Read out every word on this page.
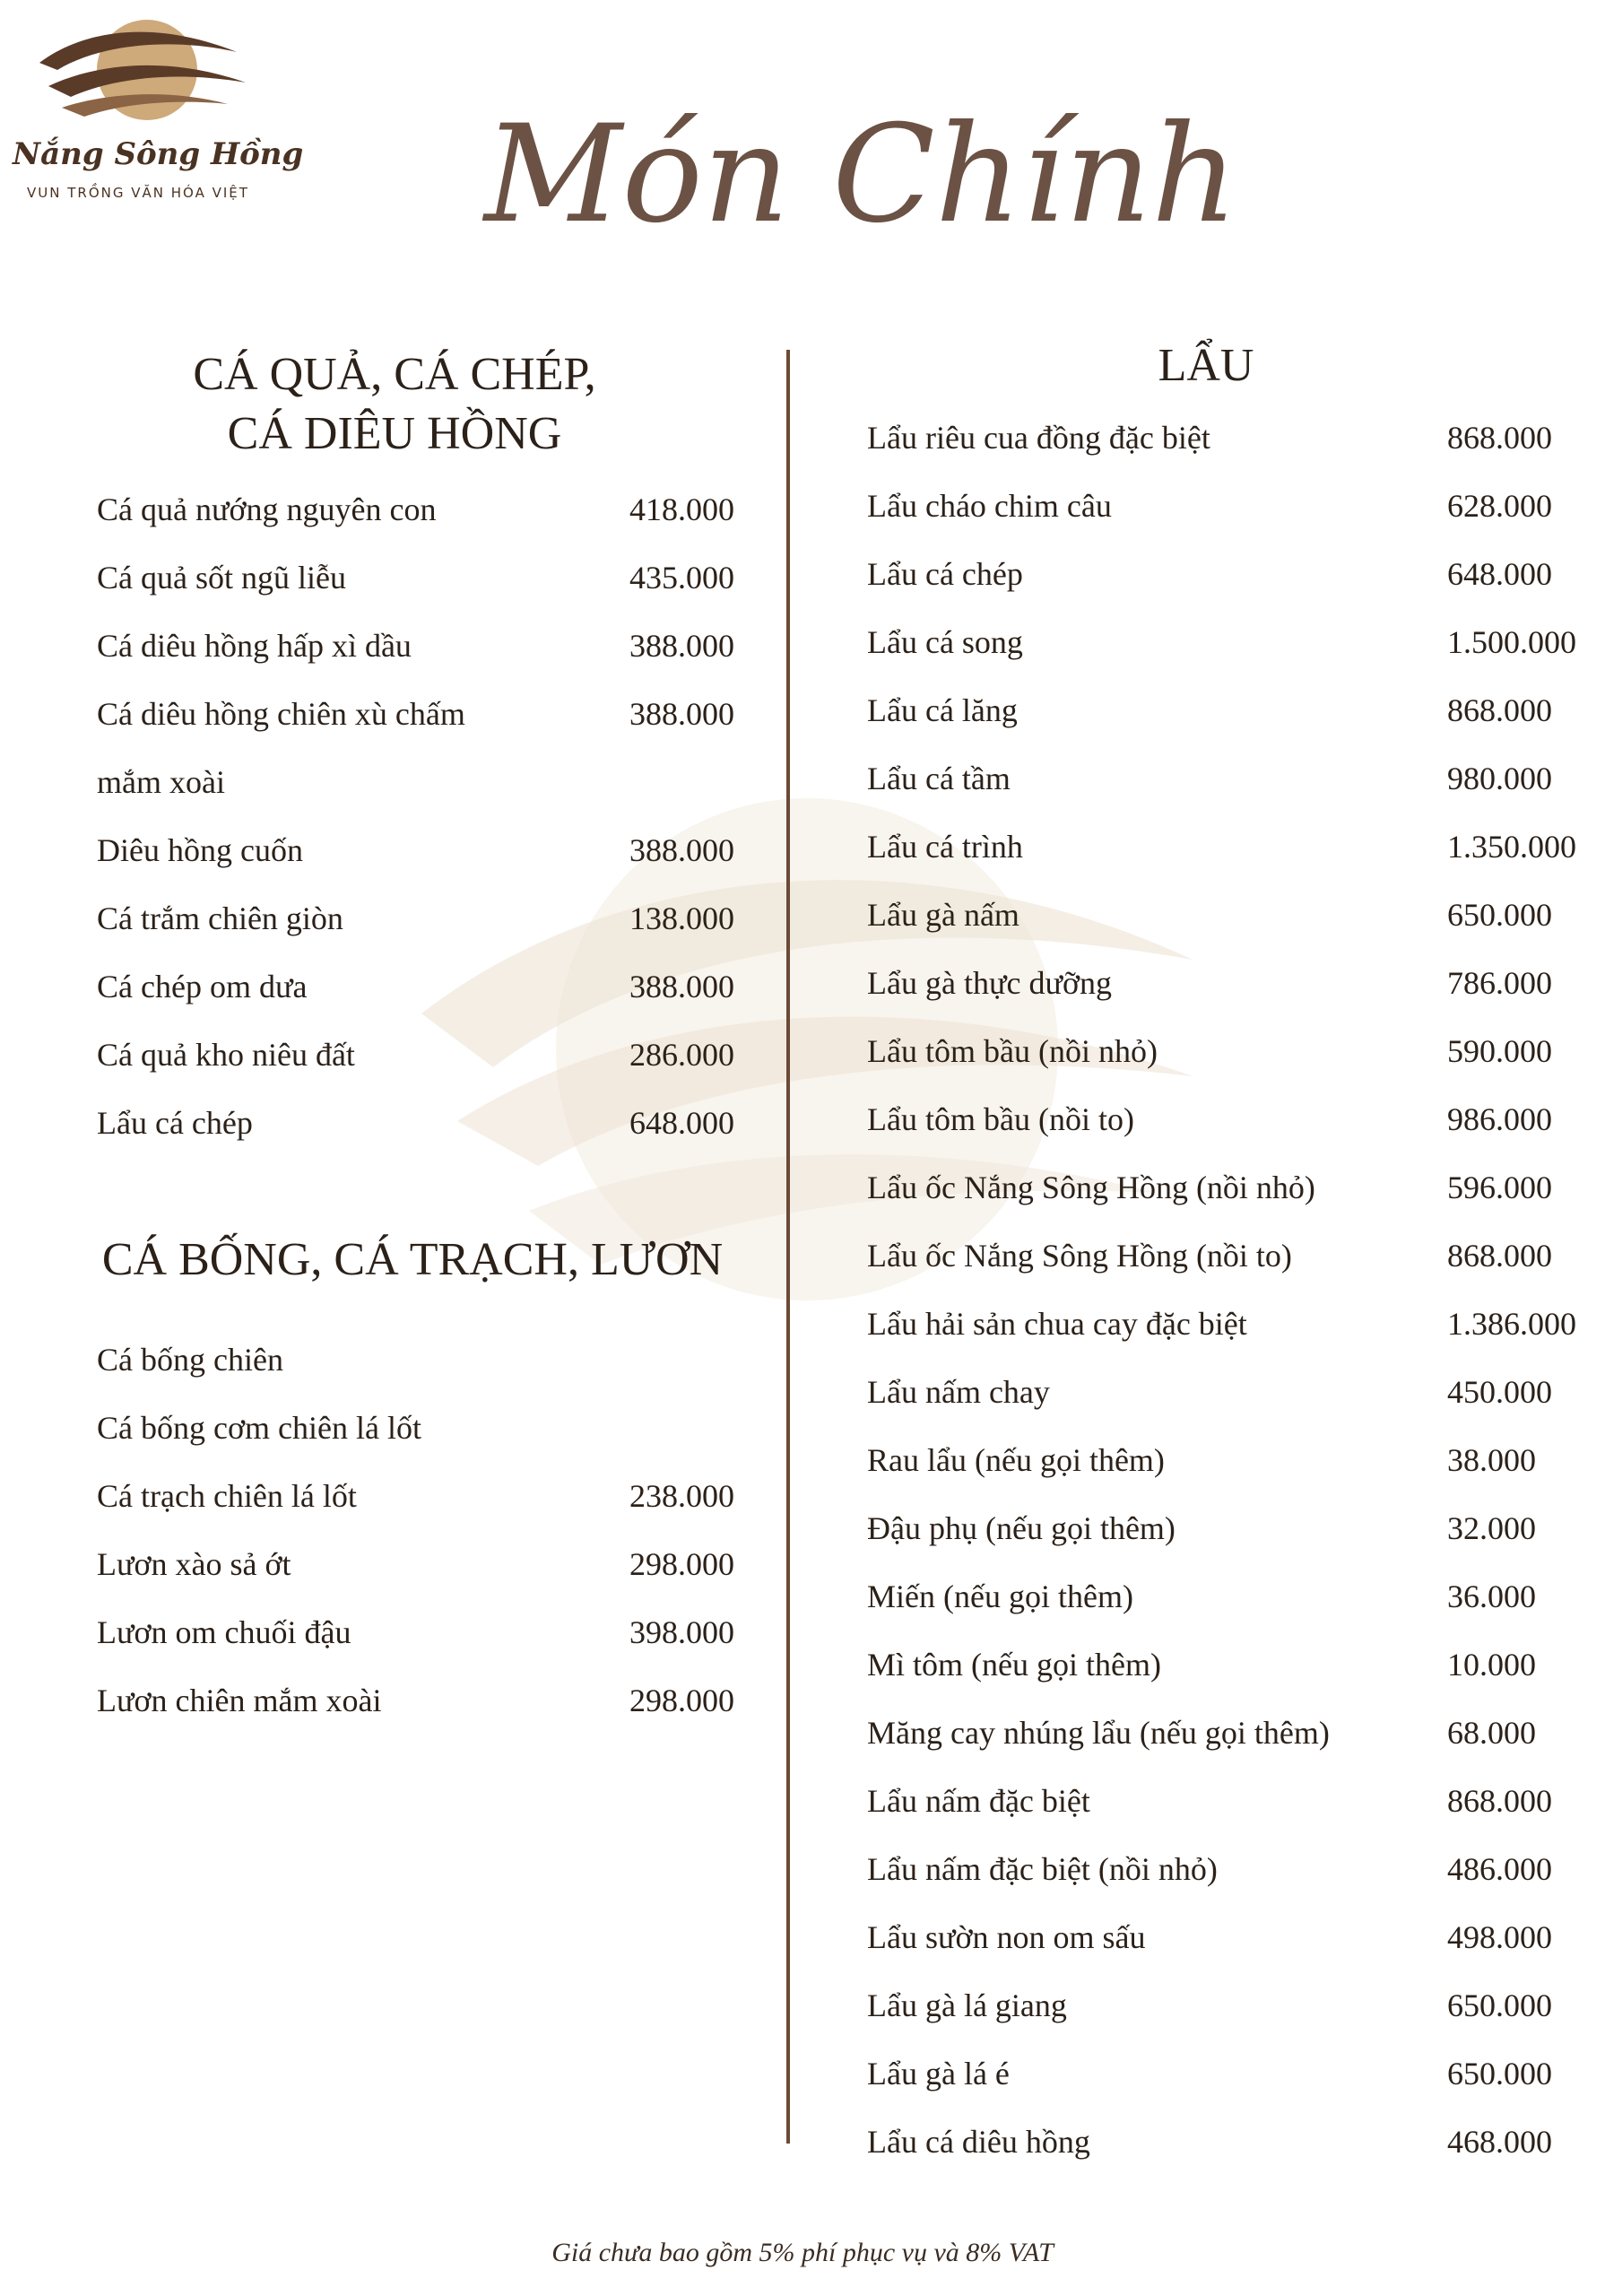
Nắng Sông Hồng
VUN TRỒNG VĂN HÓA VIỆT Món Chính
CÁ QUẢ, CÁ CHÉP,
CÁ DIÊU HỒNG
Cá quả nướng nguyên con	418.000
Cá quả sốt ngũ liễu	435.000
Cá diêu hồng hấp xì dầu	388.000
Cá diêu hồng chiên xù chấm	388.000
mắm xoài
Diêu hồng cuốn	388.000
Cá trắm chiên giòn	138.000
Cá chép om dưa	388.000
Cá quả kho niêu đất	286.000
Lẩu cá chép	648.000
CÁ BỐNG, CÁ TRẠCH, LƯƠN
Cá bống chiên
Cá bống cơm chiên lá lốt
Cá trạch chiên lá lốt	238.000
Lươn xào sả ớt	298.000
Lươn om chuối đậu	398.000
Lươn chiên mắm xoài	298.000
LẨU
Lẩu riêu cua đồng đặc biệt	868.000
Lẩu cháo chim câu	628.000
Lẩu cá chép	648.000
Lẩu cá song	1.500.000
Lẩu cá lăng	868.000
Lẩu cá tầm	980.000
Lẩu cá trình	1.350.000
Lẩu gà nấm	650.000
Lẩu gà thực dưỡng	786.000
Lẩu tôm bầu (nồi nhỏ)	590.000
Lẩu tôm bầu (nồi to)	986.000
Lẩu ốc Nắng Sông Hồng (nồi nhỏ)	596.000
Lẩu ốc Nắng Sông Hồng (nồi to)	868.000
Lẩu hải sản chua cay đặc biệt	1.386.000
Lẩu nấm chay	450.000
Rau lẩu (nếu gọi thêm)	38.000
Đậu phụ (nếu gọi thêm)	32.000
Miến (nếu gọi thêm)	36.000
Mì tôm (nếu gọi thêm)	10.000
Măng cay nhúng lẩu (nếu gọi thêm)	68.000
Lẩu nấm đặc biệt	868.000
Lẩu nấm đặc biệt (nồi nhỏ)	486.000
Lẩu sườn non om sấu	498.000
Lẩu gà lá giang	650.000
Lẩu gà lá é	650.000
Lẩu cá diêu hồng	468.000
Giá chưa bao gồm 5% phí phục vụ và 8% VAT
